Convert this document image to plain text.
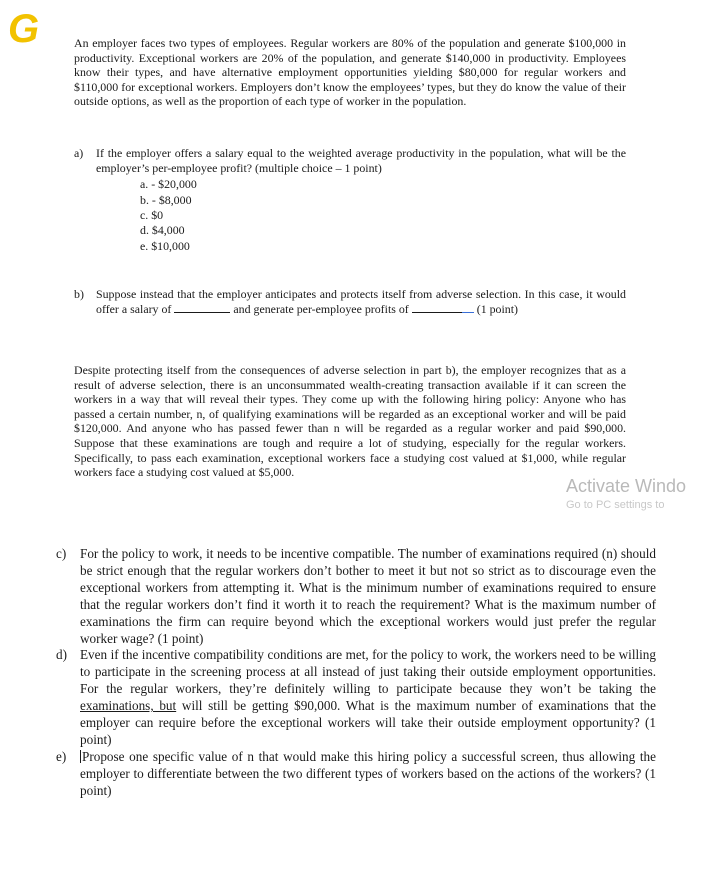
G	An employer faces two types of employees. Regular workers are 80% of the population and generate $100,000 in productivity. Exceptional workers are 20% of the population, and generate $140,000 in productivity. Employees know their types, and have alternative employment opportunities yielding $80,000 for regular workers and $110,000 for exceptional workers. Employers don’t know the employees’ types, but they do know the value of their outside options, as well as the proportion of each type of worker in the population.
a)	If the employer offers a salary equal to the weighted average productivity in the population, what will be the employer’s per-employee profit? (multiple choice – 1 point)
a. - $20,000
b. - $8,000
c. $0
d. $4,000
e. $10,000
b)	Suppose instead that the employer anticipates and protects itself from adverse selection. In this case, it would offer a salary of	and generate per-employee profits of	(1 point)
Despite protecting itself from the consequences of adverse selection in part b), the employer recognizes that as a result of adverse selection, there is an unconsummated wealth-creating transaction available if it can screen the workers in a way that will reveal their types. They come up with the following hiring policy: Anyone who has passed a certain number, n, of qualifying examinations will be regarded as an exceptional worker and will be paid $120,000. And anyone who has passed fewer than n will be regarded as a regular worker and paid $90,000. Suppose that these examinations are tough and require a lot of studying, especially for the regular workers. Specifically, to pass each examination, exceptional workers face a studying cost valued at $1,000, while regular workers face a studying cost valued at $5,000.
Activate Windo
Go to PC settings to
c)	For the policy to work, it needs to be incentive compatible. The number of examinations required (n) should be strict enough that the regular workers don’t bother to meet it but not so strict as to discourage even the exceptional workers from attempting it. What is the minimum number of examinations required to ensure that the regular workers don’t find it worth it to reach the requirement? What is the maximum number of examinations the firm can require beyond which the exceptional workers would just prefer the regular worker wage? (1 point)
d) Even if the incentive compatibility conditions are met, for the policy to work, the workers need to be willing to participate in the screening process at all instead of just taking their outside employment opportunities. For the regular workers, they’re definitely willing to participate because they won’t be taking the examinations, but will still be getting $90,000. What is the maximum number of examinations that the employer can require before the exceptional workers will take their outside employment opportunity? (1 point)
e)	Propose one specific value of n that would make this hiring policy a successful screen, thus allowing the employer to differentiate between the two different types of workers based on the actions of the workers? (1 point)
